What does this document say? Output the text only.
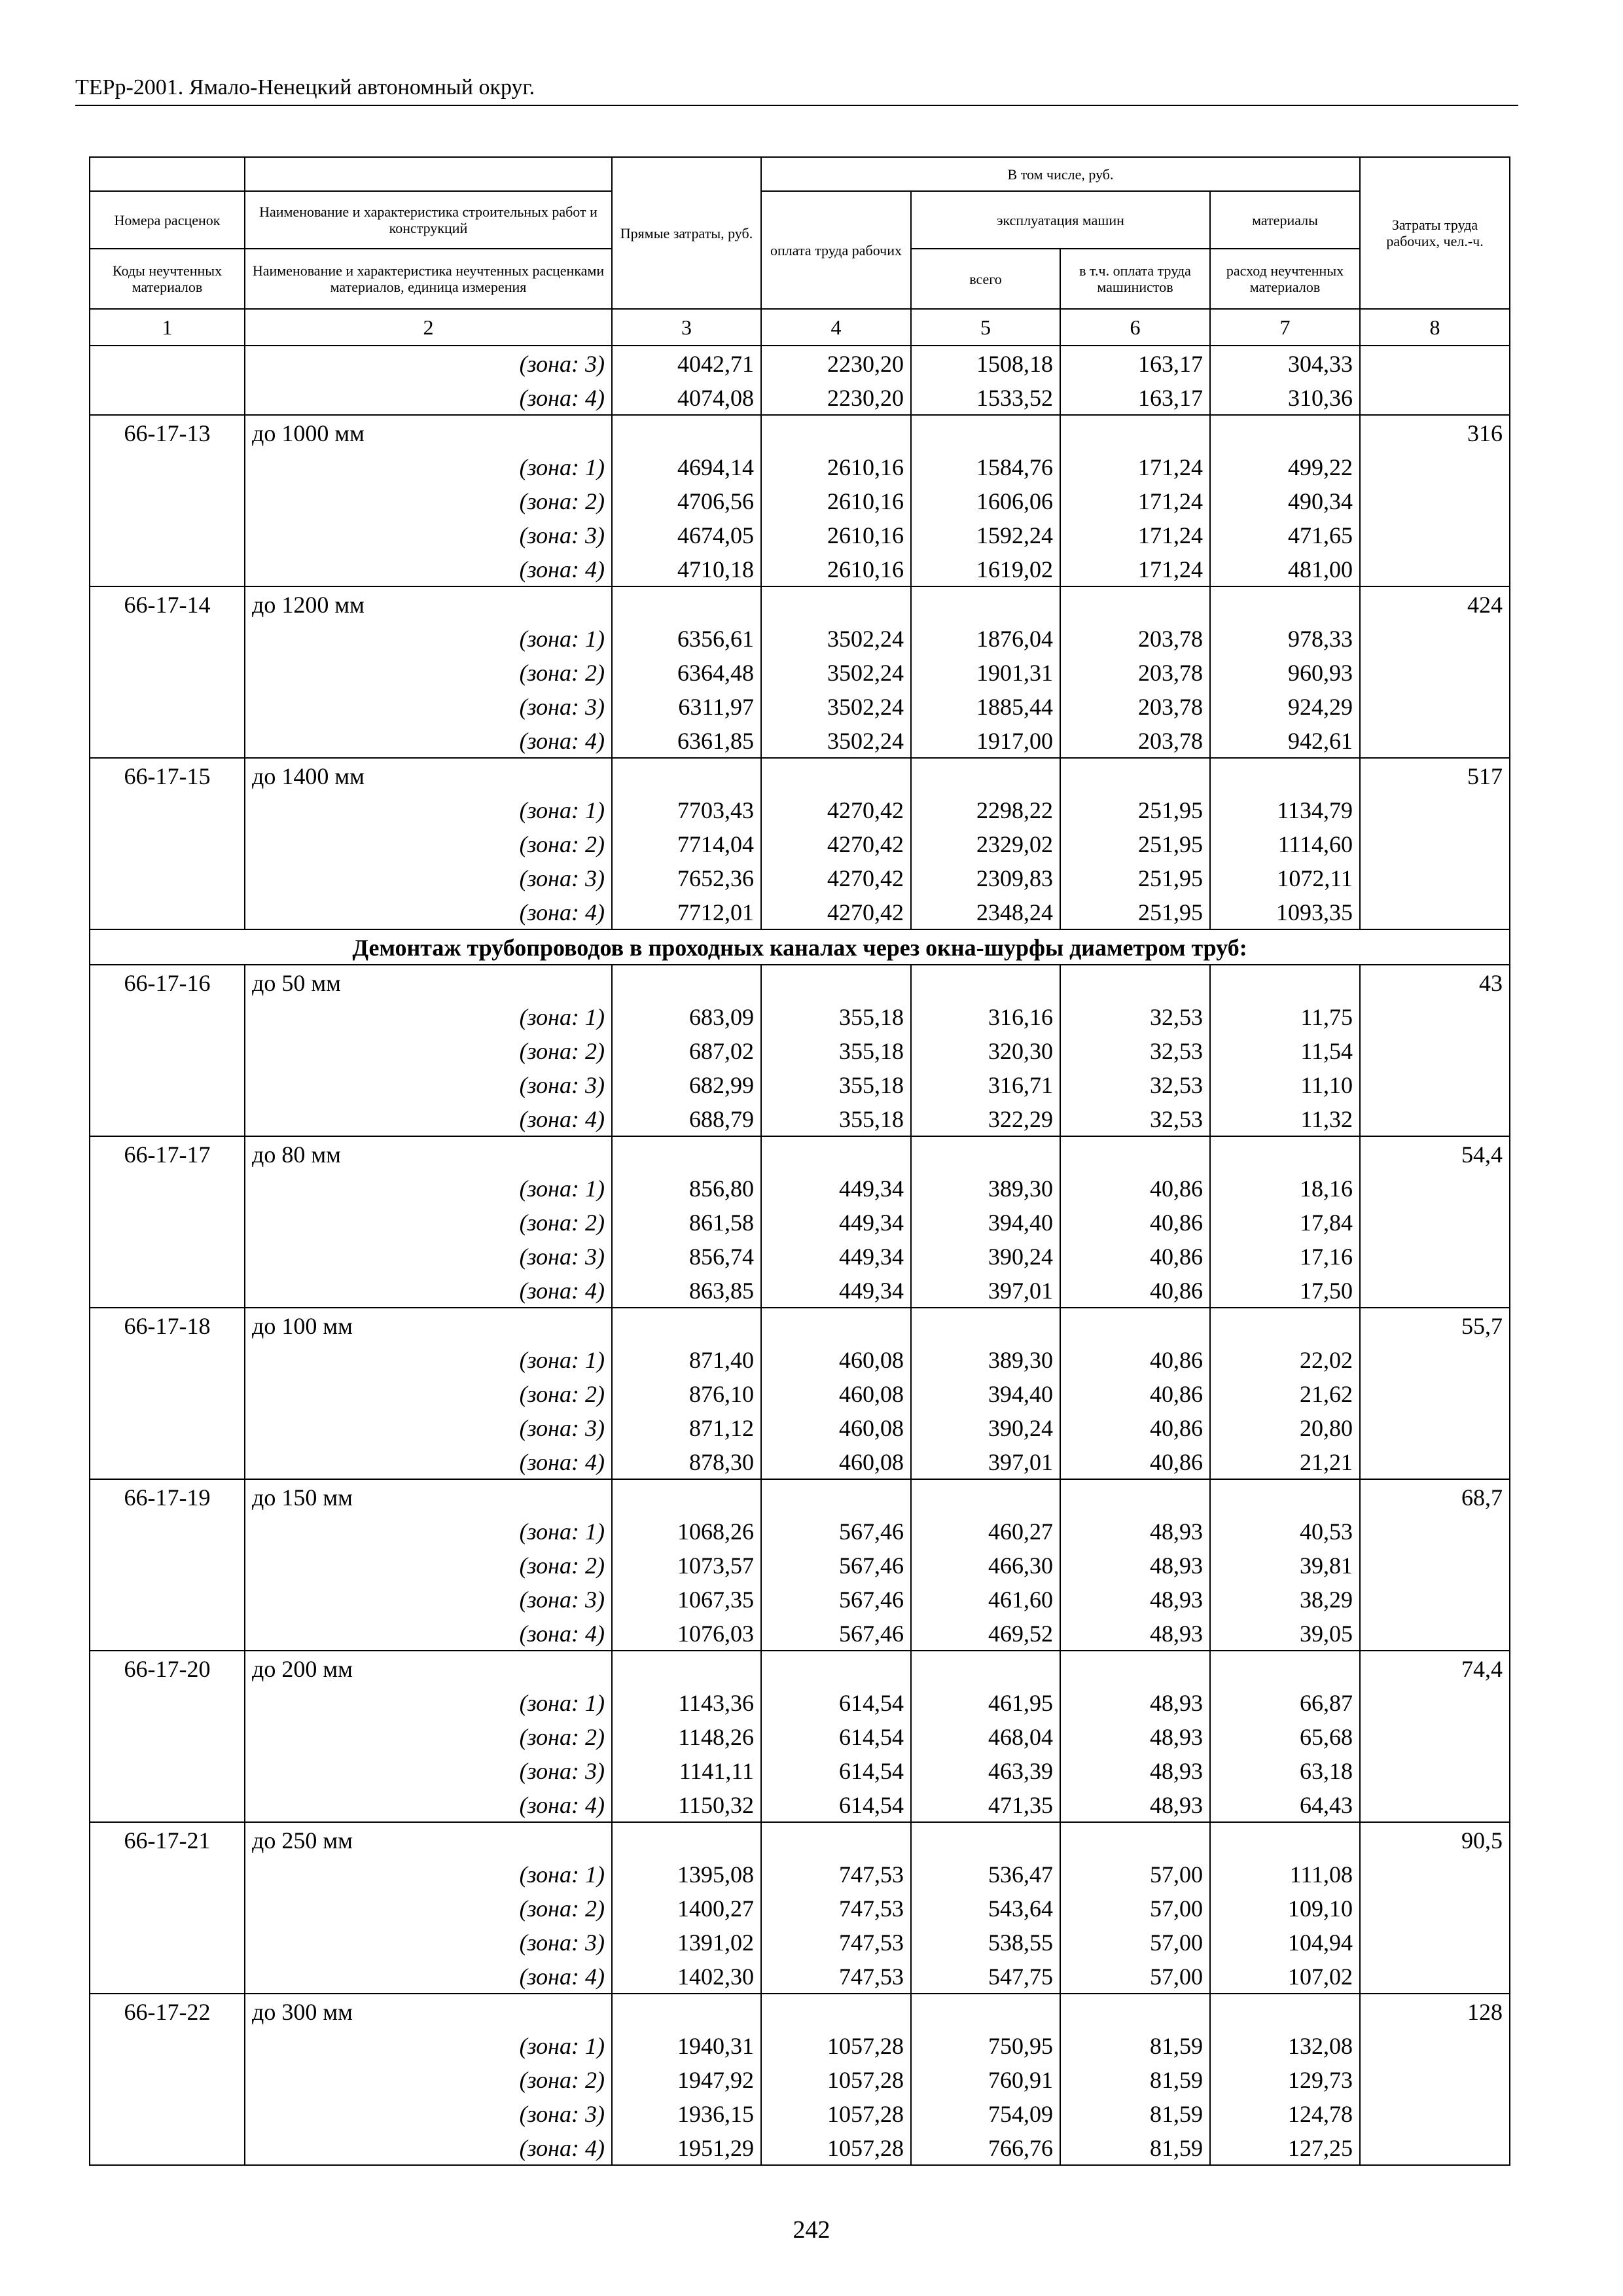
ТЕРр-2001. Ямало-Ненецкий автономный округ.
		Прямые затраты, руб.	В том числе, руб.				Затраты труда рабочих, чел.-ч.
Номера расценок	Наименование и характеристика строительных работ и конструкций		оплата труда рабочих	эксплуатация машин		материалы	
Коды неучтенных материалов	Наименование и характеристика неучтенных расценками материалов, единица измерения			всего	в т.ч. оплата труда машинистов	расход неучтенных материалов	
1	2	3	4	5	6	7	8
	(зона: 3)	4042,71	2230,20	1508,18	163,17	304,33	
	(зона: 4)	4074,08	2230,20	1533,52	163,17	310,36	
66-17-13	до 1000 мм						316
	(зона: 1)	4694,14	2610,16	1584,76	171,24	499,22	
	(зона: 2)	4706,56	2610,16	1606,06	171,24	490,34	
	(зона: 3)	4674,05	2610,16	1592,24	171,24	471,65	
	(зона: 4)	4710,18	2610,16	1619,02	171,24	481,00	
66-17-14	до 1200 мм						424
	(зона: 1)	6356,61	3502,24	1876,04	203,78	978,33	
	(зона: 2)	6364,48	3502,24	1901,31	203,78	960,93	
	(зона: 3)	6311,97	3502,24	1885,44	203,78	924,29	
	(зона: 4)	6361,85	3502,24	1917,00	203,78	942,61	
66-17-15	до 1400 мм						517
	(зона: 1)	7703,43	4270,42	2298,22	251,95	1134,79	
	(зона: 2)	7714,04	4270,42	2329,02	251,95	1114,60	
	(зона: 3)	7652,36	4270,42	2309,83	251,95	1072,11	
	(зона: 4)	7712,01	4270,42	2348,24	251,95	1093,35	
Демонтаж трубопроводов в проходных каналах через окна-шурфы диаметром труб:							
66-17-16	до 50 мм						43
	(зона: 1)	683,09	355,18	316,16	32,53	11,75	
	(зона: 2)	687,02	355,18	320,30	32,53	11,54	
	(зона: 3)	682,99	355,18	316,71	32,53	11,10	
	(зона: 4)	688,79	355,18	322,29	32,53	11,32	
66-17-17	до 80 мм						54,4
	(зона: 1)	856,80	449,34	389,30	40,86	18,16	
	(зона: 2)	861,58	449,34	394,40	40,86	17,84	
	(зона: 3)	856,74	449,34	390,24	40,86	17,16	
	(зона: 4)	863,85	449,34	397,01	40,86	17,50	
66-17-18	до 100 мм						55,7
	(зона: 1)	871,40	460,08	389,30	40,86	22,02	
	(зона: 2)	876,10	460,08	394,40	40,86	21,62	
	(зона: 3)	871,12	460,08	390,24	40,86	20,80	
	(зона: 4)	878,30	460,08	397,01	40,86	21,21	
66-17-19	до 150 мм						68,7
	(зона: 1)	1068,26	567,46	460,27	48,93	40,53	
	(зона: 2)	1073,57	567,46	466,30	48,93	39,81	
	(зона: 3)	1067,35	567,46	461,60	48,93	38,29	
	(зона: 4)	1076,03	567,46	469,52	48,93	39,05	
66-17-20	до 200 мм						74,4
	(зона: 1)	1143,36	614,54	461,95	48,93	66,87	
	(зона: 2)	1148,26	614,54	468,04	48,93	65,68	
	(зона: 3)	1141,11	614,54	463,39	48,93	63,18	
	(зона: 4)	1150,32	614,54	471,35	48,93	64,43	
66-17-21	до 250 мм						90,5
	(зона: 1)	1395,08	747,53	536,47	57,00	111,08	
	(зона: 2)	1400,27	747,53	543,64	57,00	109,10	
	(зона: 3)	1391,02	747,53	538,55	57,00	104,94	
	(зона: 4)	1402,30	747,53	547,75	57,00	107,02	
66-17-22	до 300 мм						128
	(зона: 1)	1940,31	1057,28	750,95	81,59	132,08	
	(зона: 2)	1947,92	1057,28	760,91	81,59	129,73	
	(зона: 3)	1936,15	1057,28	754,09	81,59	124,78	
	(зона: 4)	1951,29	1057,28	766,76	81,59	127,25	
242
